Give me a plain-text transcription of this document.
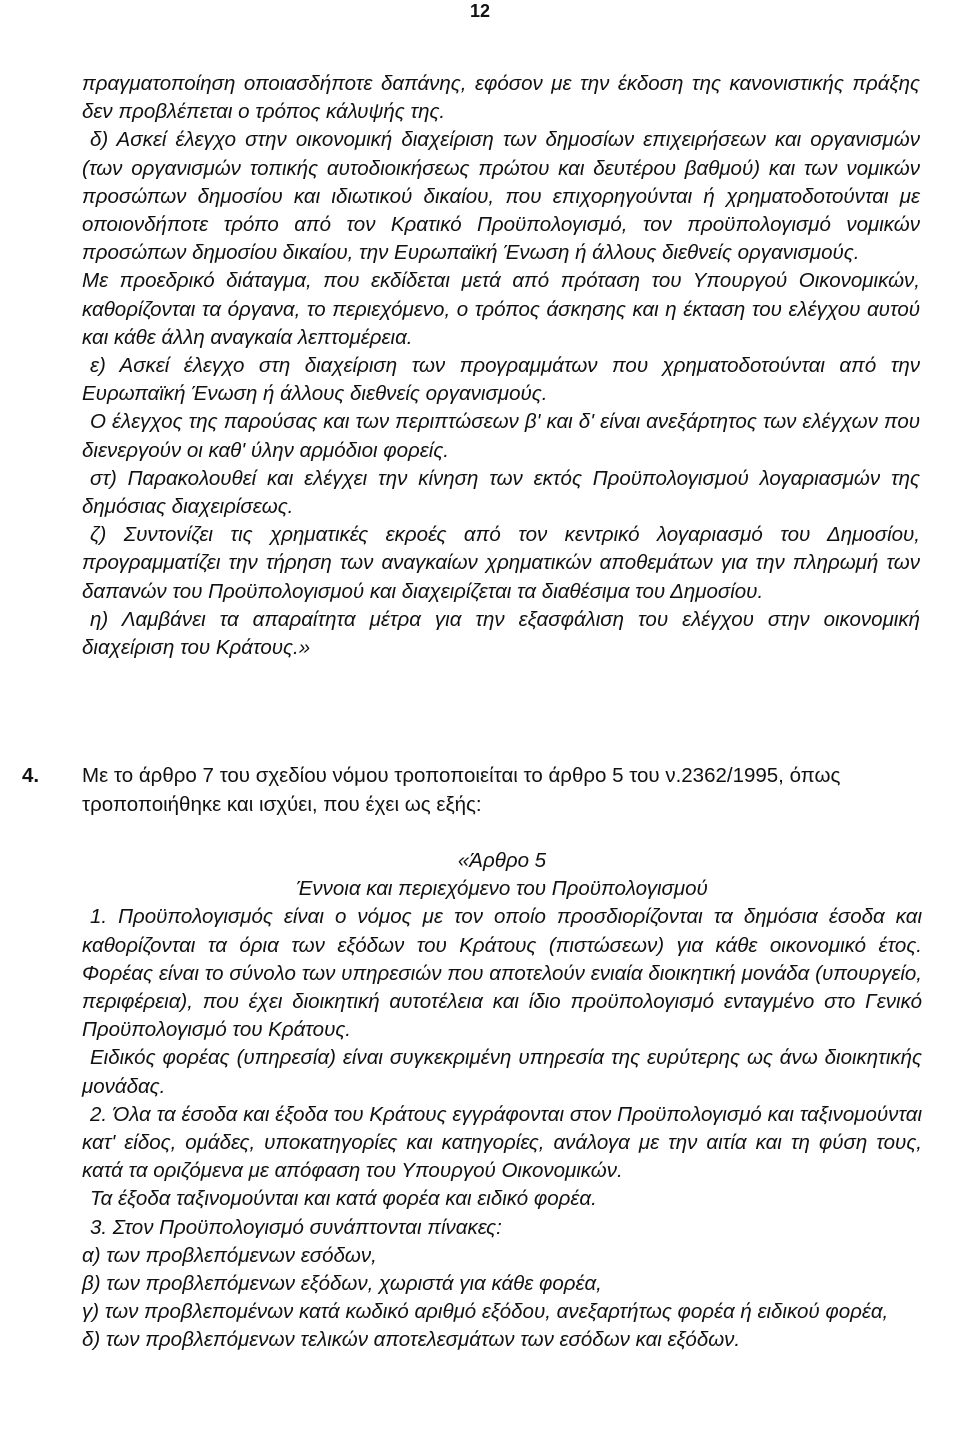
12

πραγματοποίηση οποιασδήποτε δαπάνης, εφόσον με την έκδοση της κανονιστικής πράξης δεν προβλέπεται ο τρόπος κάλυψής της.

δ) Ασκεί έλεγχο στην οικονομική διαχείριση των δημοσίων επιχειρήσεων και οργανισμών (των οργανισμών τοπικής αυτοδιοικήσεως πρώτου και δευτέρου βαθμού) και των νομικών προσώπων δημοσίου και ιδιωτικού δικαίου, που επιχορηγούνται ή χρηματοδοτούνται με οποιονδήποτε τρόπο από τον Κρατικό Προϋπολογισμό, τον προϋπολογισμό νομικών προσώπων δημοσίου δικαίου, την Ευρωπαϊκή Ένωση ή άλλους διεθνείς οργανισμούς.

Με προεδρικό διάταγμα, που εκδίδεται μετά από πρόταση του Υπουργού Οικονομικών, καθορίζονται τα όργανα, το περιεχόμενο, ο τρόπος άσκησης και η έκταση του ελέγχου αυτού και κάθε άλλη αναγκαία λεπτομέρεια.

ε) Ασκεί έλεγχο στη διαχείριση των προγραμμάτων που χρηματοδοτούνται από την Ευρωπαϊκή Ένωση ή άλλους διεθνείς οργανισμούς.

Ο έλεγχος της παρούσας και των περιπτώσεων β' και δ' είναι ανεξάρτητος των ελέγχων που διενεργούν οι καθ' ύλην αρμόδιοι φορείς.

στ) Παρακολουθεί και ελέγχει την κίνηση των εκτός Προϋπολογισμού λογαριασμών της δημόσιας διαχειρίσεως.

ζ) Συντονίζει τις χρηματικές εκροές από τον κεντρικό λογαριασμό του Δημοσίου, προγραμματίζει την τήρηση των αναγκαίων χρηματικών αποθεμάτων για την πληρωμή των δαπανών του Προϋπολογισμού και διαχειρίζεται τα διαθέσιμα του Δημοσίου.

η) Λαμβάνει τα απαραίτητα μέτρα για την εξασφάλιση του ελέγχου στην οικονομική διαχείριση του Κράτους.»

4. Με το άρθρο 7 του σχεδίου νόμου τροποποιείται το άρθρο 5 του ν.2362/1995, όπως τροποποιήθηκε και ισχύει, που έχει ως εξής:

«Άρθρο 5

Έννοια και περιεχόμενο του Προϋπολογισμού

1. Προϋπολογισμός είναι ο νόμος με τον οποίο προσδιορίζονται τα δημόσια έσοδα και καθορίζονται τα όρια των εξόδων του Κράτους (πιστώσεων) για κάθε οικονομικό έτος. Φορέας είναι το σύνολο των υπηρεσιών που αποτελούν ενιαία διοικητική μονάδα (υπουργείο, περιφέρεια), που έχει διοικητική αυτοτέλεια και ίδιο προϋπολογισμό ενταγμένο στο Γενικό Προϋπολογισμό του Κράτους.

Ειδικός φορέας (υπηρεσία) είναι συγκεκριμένη υπηρεσία της ευρύτερης ως άνω διοικητικής μονάδας.

2. Όλα τα έσοδα και έξοδα του Κράτους εγγράφονται στον Προϋπολογισμό και ταξινομούνται κατ' είδος, ομάδες, υποκατηγορίες και κατηγορίες, ανάλογα με την αιτία και τη φύση τους, κατά τα οριζόμενα με απόφαση του Υπουργού Οικονομικών.

Τα έξοδα ταξινομούνται και κατά φορέα και ειδικό φορέα.

3. Στον Προϋπολογισμό συνάπτονται πίνακες:

α) των προβλεπόμενων εσόδων,

β) των προβλεπόμενων εξόδων, χωριστά για κάθε φορέα,

γ) των προβλεπομένων κατά κωδικό αριθμό εξόδου, ανεξαρτήτως φορέα ή ειδικού φορέα,

δ) των προβλεπόμενων τελικών αποτελεσμάτων των εσόδων και εξόδων.
